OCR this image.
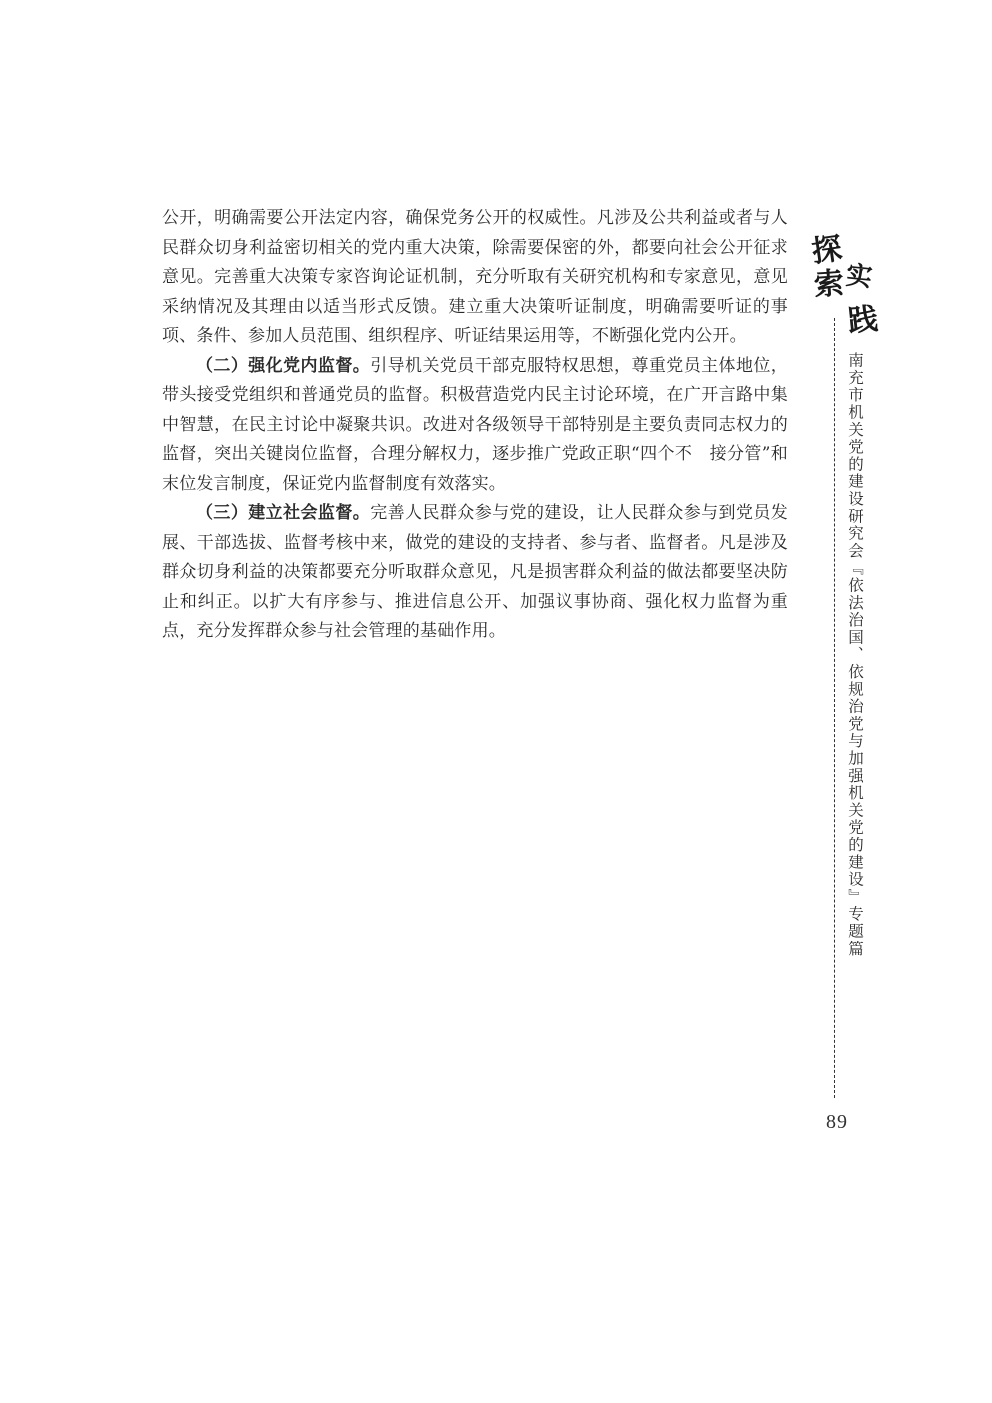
公开，明确需要公开法定内容，确保党务公开的权威性。凡涉及公共利益或者与人民群众切身利益密切相关的党内重大决策，除需要保密的外，都要向社会公开征求意见。完善重大决策专家咨询论证机制，充分听取有关研究机构和专家意见，意见采纳情况及其理由以适当形式反馈。建立重大决策听证制度，明确需要听证的事项、条件、参加人员范围、组织程序、听证结果运用等，不断强化党内公开。

（二）强化党内监督。引导机关党员干部克服特权思想，尊重党员主体地位，带头接受党组织和普通党员的监督。积极营造党内民主讨论环境，在广开言路中集中智慧，在民主讨论中凝聚共识。改进对各级领导干部特别是主要负责同志权力的监督，突出关键岗位监督，合理分解权力，逐步推广党政正职“四个不　接分管”和末位发言制度，保证党内监督制度有效落实。

（三）建立社会监督。完善人民群众参与党的建设，让人民群众参与到党员发展、干部选拔、监督考核中来，做党的建设的支持者、参与者、监督者。凡是涉及群众切身利益的决策都要充分听取群众意见，凡是损害群众利益的做法都要坚决防止和纠正。以扩大有序参与、推进信息公开、加强议事协商、强化权力监督为重点，充分发挥群众参与社会管理的基础作用。

探
索 实
践
南充市机关党的建设研究会『依法治国、依规治党与加强机关党的建设』专题篇
89
